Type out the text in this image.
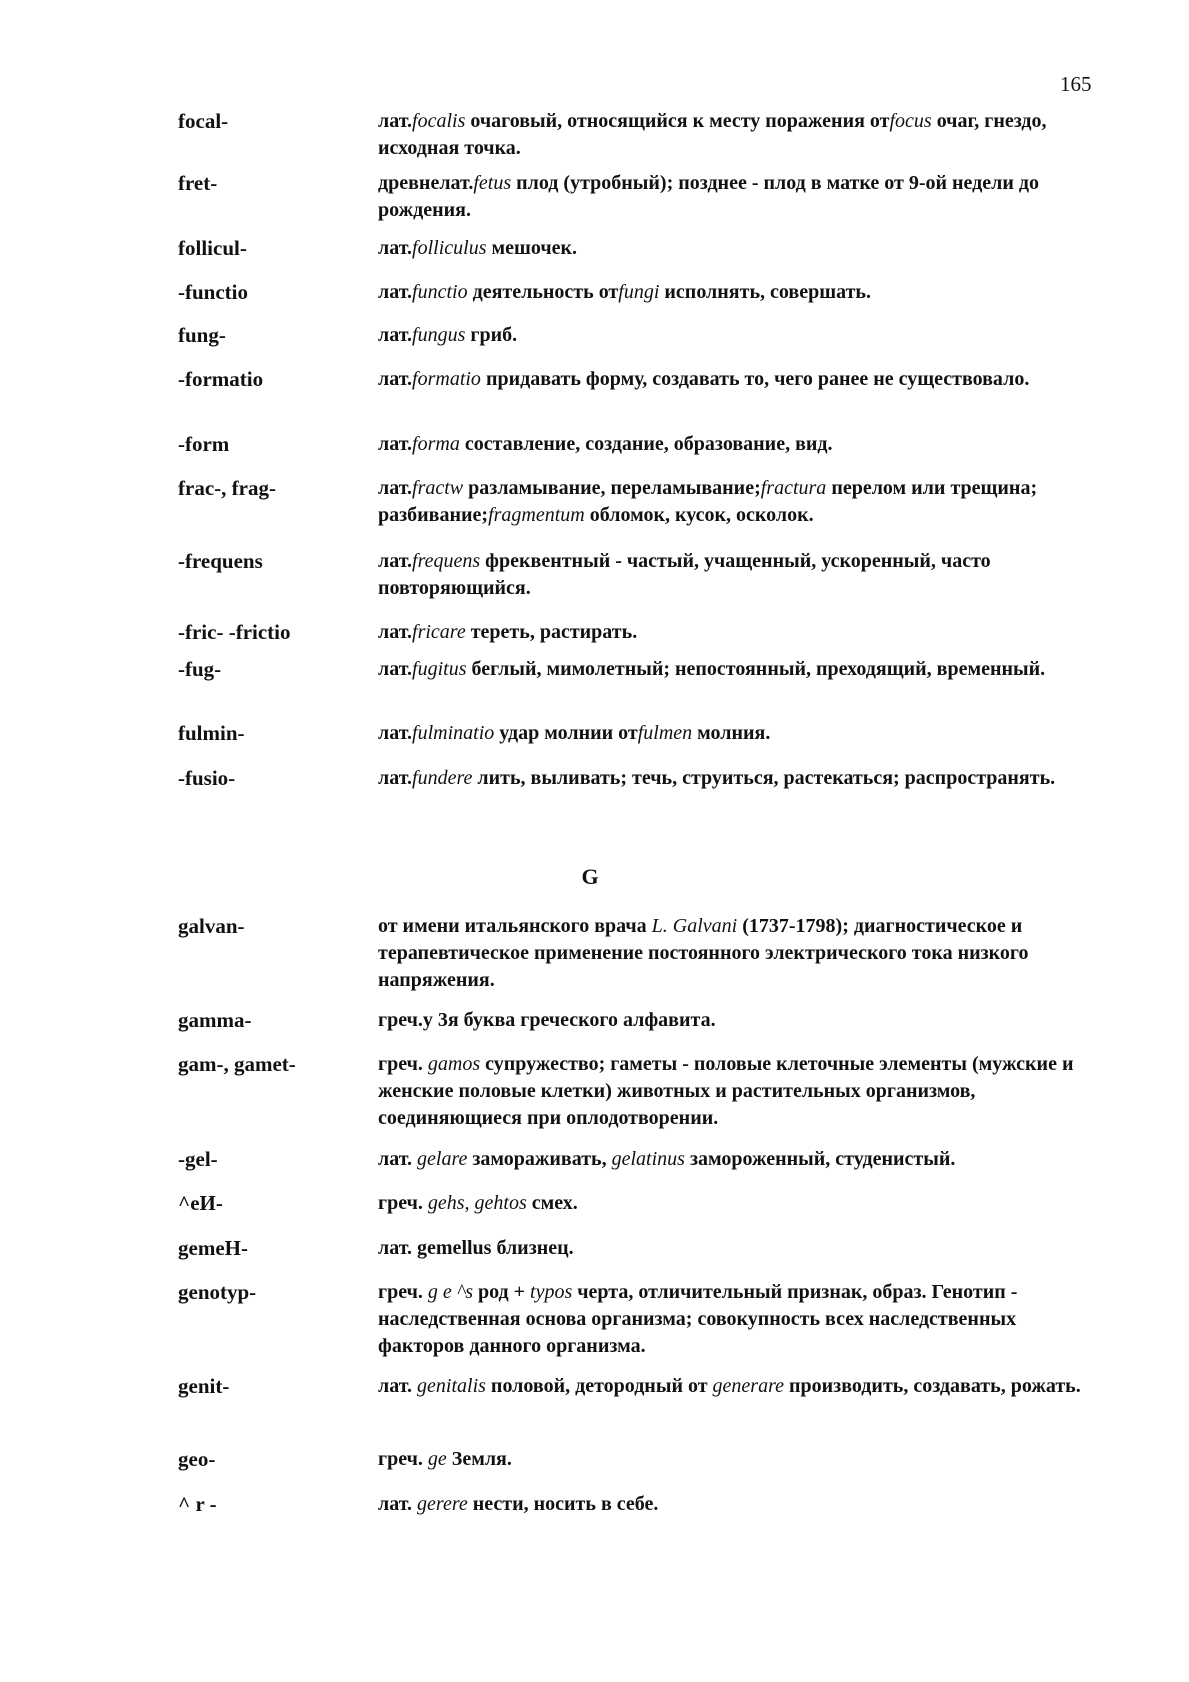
165
focal-	лат.focalis очаговый, относящийся к месту поражения отfocus очаг, гнездо, исходная точка.
fret-	древнелат.fetus плод (утробный); позднее - плод в матке от 9-ой недели до рождения.
follicul-	лат.folliculus мешочек.
-functio	лат.functio деятельность отfungi исполнять, совершать.
fung-	лат.fungus гриб.
-formatio	лат.formatio придавать форму, создавать то, чего ранее не существовало.
-form	лат.forma составление, создание, образование, вид.
frac-, frag-	лат.fractw разламывание, переламывание;fractura перелом или трещина; разбивание;fragmentum обломок, кусок, осколок.
-frequens	лат.frequens фреквентный - частый, учащенный, ускоренный, часто повторяющийся.
-fric- -frictio	лат.fricare тереть, растирать.
-fug-	лат.fugitus беглый, мимолетный; непостоянный, преходящий, временный.
fulmin-	лат.fulminatio удар молнии отfulmen молния.
-fusio-	лат.fundere лить, выливать; течь, струиться, растекаться; распространять.
G
galvan-	от имени итальянского врача L. Galvani (1737-1798); диагностическое и терапевтическое применение постоянного электрического тока низкого напряжения.
gamma-	греч.у 3я буква греческого алфавита.
gam-, gamet-	греч. gamos супружество; гаметы - половые клеточные элементы (мужские и женские половые клетки) животных и растительных организмов, соединяющиеся при оплодотворении.
-gel-	лат. gelare замораживать, gelatinus замороженный, студенистый.
^еИ-	греч. gehs, gehtos смех.
gemeH-	лат. gemellus близнец.
genotyp-	греч. g e ^s род + typos черта, отличительный признак, образ. Генотип - наследственная основа организма; совокупность всех наследственных факторов данного организма.
genit-	лат. genitalis половой, детородный от generare производить, создавать, рожать.
geo-	греч. ge Земля.
^ r -	лат. gerere нести, носить в себе.
